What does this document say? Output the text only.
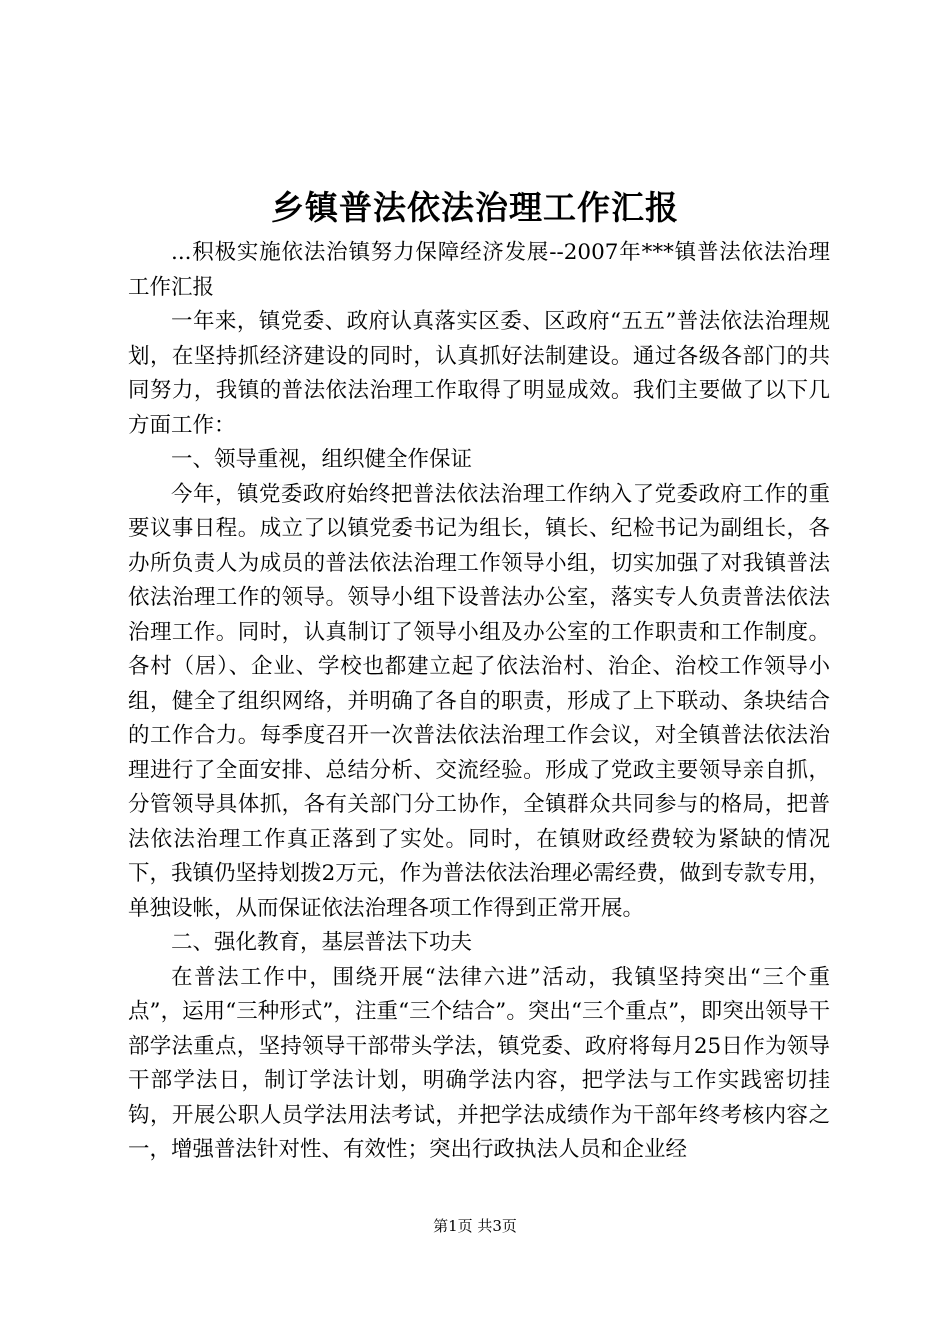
乡镇普法依法治理工作汇报

...积极实施依法治镇努力保障经济发展--2007年***镇普法依法治理工作汇报

一年来，镇党委、政府认真落实区委、区政府“五五”普法依法治理规划，在坚持抓经济建设的同时，认真抓好法制建设。通过各级各部门的共同努力，我镇的普法依法治理工作取得了明显成效。我们主要做了以下几方面工作：

一、领导重视，组织健全作保证

今年，镇党委政府始终把普法依法治理工作纳入了党委政府工作的重要议事日程。成立了以镇党委书记为组长，镇长、纪检书记为副组长，各办所负责人为成员的普法依法治理工作领导小组，切实加强了对我镇普法依法治理工作的领导。领导小组下设普法办公室，落实专人负责普法依法治理工作。同时，认真制订了领导小组及办公室的工作职责和工作制度。各村（居）、企业、学校也都建立起了依法治村、治企、治校工作领导小组，健全了组织网络，并明确了各自的职责，形成了上下联动、条块结合的工作合力。每季度召开一次普法依法治理工作会议，对全镇普法依法治理进行了全面安排、总结分析、交流经验。形成了党政主要领导亲自抓，分管领导具体抓，各有关部门分工协作，全镇群众共同参与的格局，把普法依法治理工作真正落到了实处。同时，在镇财政经费较为紧缺的情况下，我镇仍坚持划拨2万元，作为普法依法治理必需经费，做到专款专用，单独设帐，从而保证依法治理各项工作得到正常开展。

二、强化教育，基层普法下功夫

在普法工作中，围绕开展“法律六进”活动，我镇坚持突出“三个重点”，运用“三种形式”，注重“三个结合”。突出“三个重点”，即突出领导干部学法重点，坚持领导干部带头学法，镇党委、政府将每月25日作为领导干部学法日，制订学法计划，明确学法内容，把学法与工作实践密切挂钩，开展公职人员学法用法考试，并把学法成绩作为干部年终考核内容之一，增强普法针对性、有效性；突出行政执法人员和企业经

第1页 共3页
